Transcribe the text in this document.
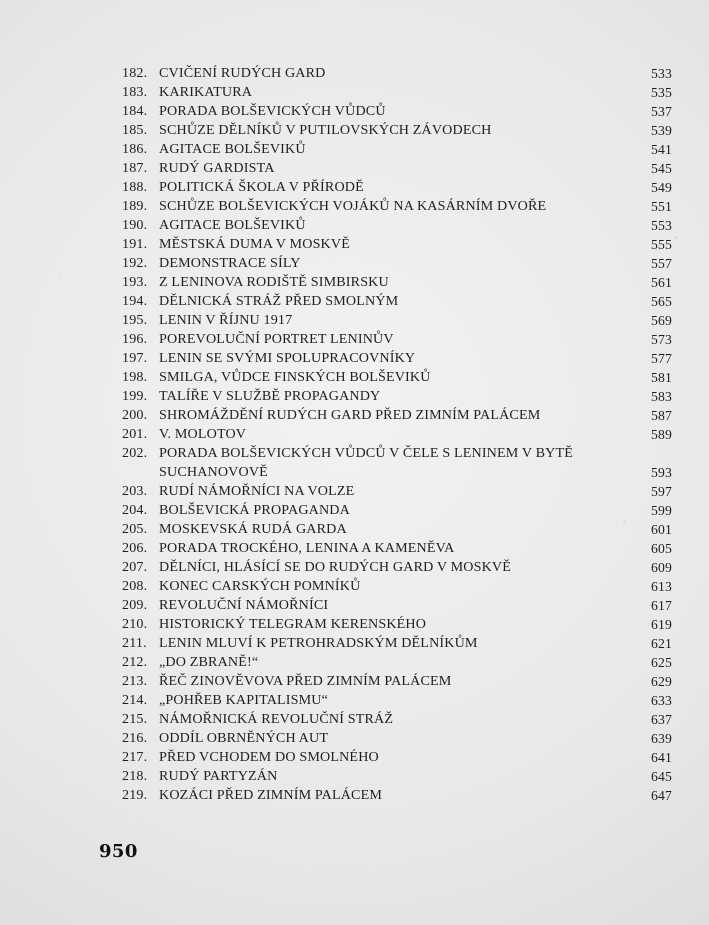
182. CVIČENÍ RUDÝCH GARD	533
183. KARIKATURA	535
184. PORADA BOLŠEVICKÝCH VŮDCŮ	537
185. SCHŮZE DĚLNÍKŮ V PUTILOVSKÝCH ZÁVODECH	539
186. AGITACE BOLŠEVIKŮ	541
187. RUDÝ GARDISTA	545
188. POLITICKÁ ŠKOLA V PŘÍRODĚ	549
189. SCHŮZE BOLŠEVICKÝCH VOJÁKŮ NA KASÁRNÍM DVOŘE	551
190. AGITACE BOLŠEVIKŮ	553
191. MĚSTSKÁ DUMA V MOSKVĚ	555
192. DEMONSTRACE SÍLY	557
193. Z LENINOVA RODIŠTĚ SIMBIRSKU	561
194. DĚLNICKÁ STRÁŽ PŘED SMOLNÝM	565
195. LENIN V ŘÍJNU 1917	569
196. POREVOLUČNÍ PORTRET LENINŮV	573
197. LENIN SE SVÝMI SPOLUPRACOVNÍKY	577
198. SMILGA, VŮDCE FINSKÝCH BOLŠEVIKŮ	581
199. TALÍŘE V SLUŽBĚ PROPAGANDY	583
200. SHROMÁŽDĚNÍ RUDÝCH GARD PŘED ZIMNÍM PALÁCEM	587
201. V. MOLOTOV	589
202. PORADA BOLŠEVICKÝCH VŮDCŮ V ČELE S LENINEM V BYTĚ
SUCHANOVOVĚ	593
203. RUDÍ NÁMOŘNÍCI NA VOLZE	597
204. BOLŠEVICKÁ PROPAGANDA	599
205. MOSKEVSKÁ RUDÁ GARDA	601
206. PORADA TROCKÉHO, LENINA A KAMENĚVA	605
207. DĚLNÍCI, HLÁSÍCÍ SE DO RUDÝCH GARD V MOSKVĚ	609
208. KONEC CARSKÝCH POMNÍKŮ	613
209. REVOLUČNÍ NÁMOŘNÍCI	617
210. HISTORICKÝ TELEGRAM KERENSKÉHO	619
211. LENIN MLUVÍ K PETROHRADSKÝM DĚLNÍKŮM	621
212. „DO ZBRANĚ!“	625
213. ŘEČ ZINOVĚVOVA PŘED ZIMNÍM PALÁCEM	629
214. „POHŘEB KAPITALISMU“	633
215. NÁMOŘNICKÁ REVOLUČNÍ STRÁŽ	637
216. ODDÍL OBRNĚNÝCH AUT	639
217. PŘED VCHODEM DO SMOLNÉHO	641
218. RUDÝ PARTYZÁN	645
219. KOZÁCI PŘED ZIMNÍM PALÁCEM	647
950
